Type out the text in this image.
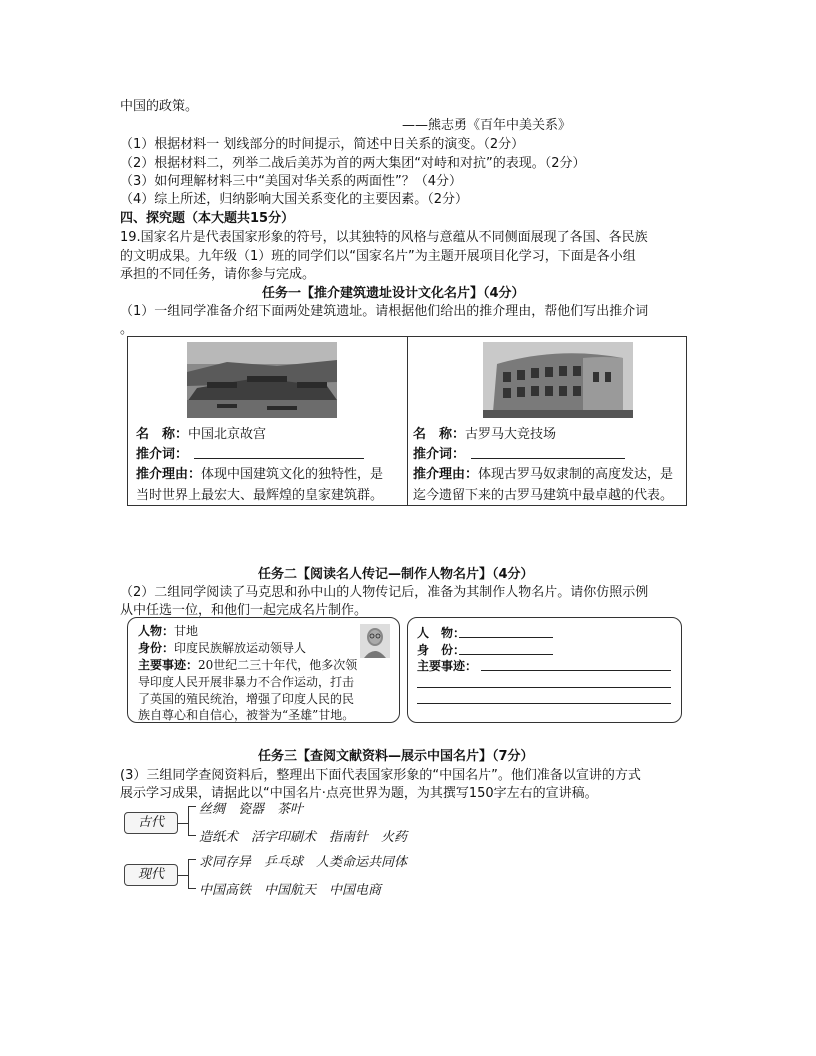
中国的政策。
——熊志勇《百年中美关系》
（1）根据材料一 划线部分的时间提示，简述中日关系的演变。（2分）
（2）根据材料二，列举二战后美苏为首的两大集团“对峙和对抗”的表现。（2分）
（3）如何理解材料三中“美国对华关系的两面性”？（4分）
（4）综上所述，归纳影响大国关系变化的主要因素。（2分）
四、探究题（本大题共15分）
19.国家名片是代表国家形象的符号，以其独特的风格与意蕴从不同侧面展现了各国、各民族
的文明成果。九年级（1）班的同学们以“国家名片”为主题开展项目化学习，下面是各小组
承担的不同任务，请你参与完成。
任务一【推介建筑遗址设计文化名片】（4分）
（1）一组同学准备介绍下面两处建筑遗址。请根据他们给出的推介理由，帮他们写出推介词
。
名　称：中国北京故宫
推介词：
推介理由：体现中国建筑文化的独特性，是
当时世界上最宏大、最辉煌的皇家建筑群。
名　称：古罗马大竞技场
推介词：
推介理由：体现古罗马奴隶制的高度发达，是
迄今遗留下来的古罗马建筑中最卓越的代表。
任务二【阅读名人传记—制作人物名片】（4分）
（2）二组同学阅读了马克思和孙中山的人物传记后，准备为其制作人物名片。请你仿照示例
从中任选一位，和他们一起完成名片制作。
人物：甘地
身份：印度民族解放运动领导人
主要事迹：20世纪二三十年代，他多次领
导印度人民开展非暴力不合作运动，打击
了英国的殖民统治，增强了印度人民的民
族自尊心和自信心，被誉为“圣雄”甘地。
人　物：
身　份：
主要事迹：
任务三【查阅文献资料—展示中国名片】（7分）
(3）三组同学查阅资料后，整理出下面代表国家形象的“中国名片”。他们准备以宣讲的方式
展示学习成果，请据此以“中国名片·点亮世界为题，为其撰写150字左右的宣讲稿。
古代
丝绸　瓷器　茶叶
造纸术　活字印刷术　指南针　火药
现代
求同存异　乒乓球　人类命运共同体
中国高铁　中国航天　中国电商
